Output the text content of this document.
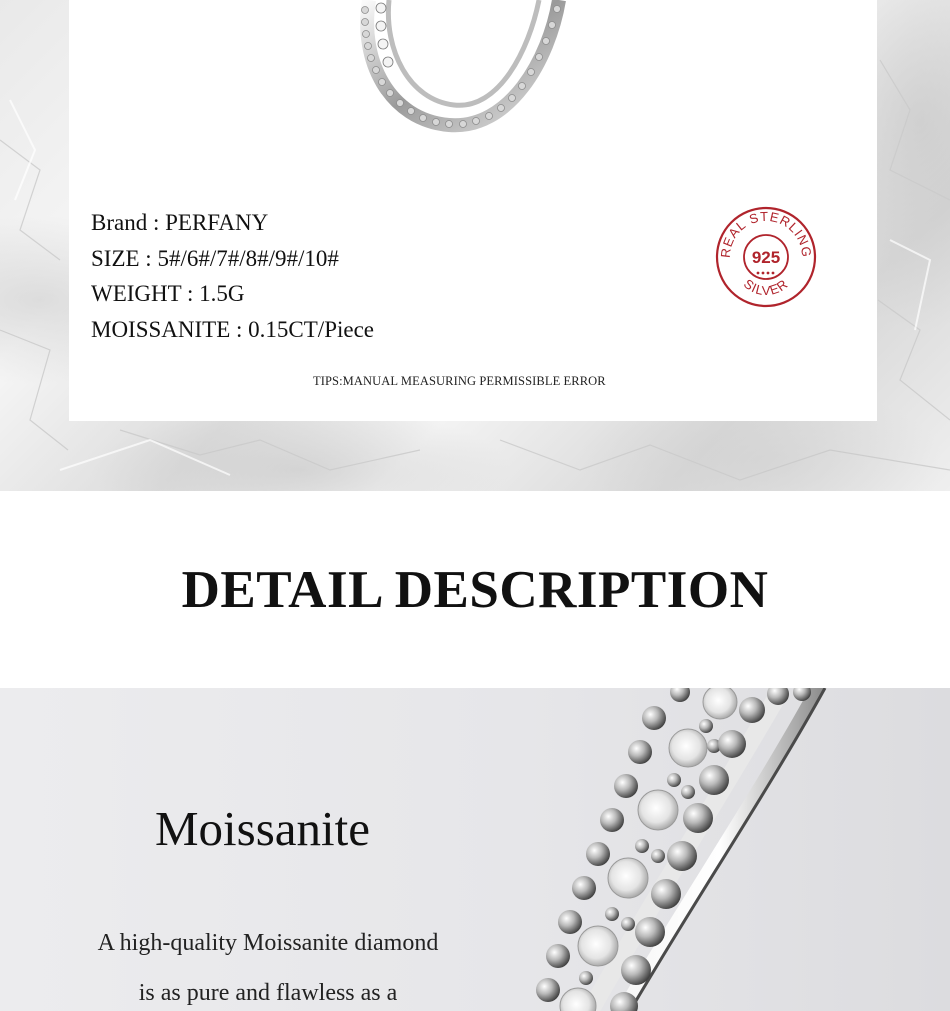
Brand : PERFANY
SIZE : 5#/6#/7#/8#/9#/10#
WEIGHT : 1.5G
MOISSANITE : 0.15CT/Piece
REAL STERLING
925
SILVER
TIPS:MANUAL MEASURING PERMISSIBLE ERROR
DETAIL DESCRIPTION
Moissanite
A high-quality Moissanite diamond
is as pure and flawless as a
